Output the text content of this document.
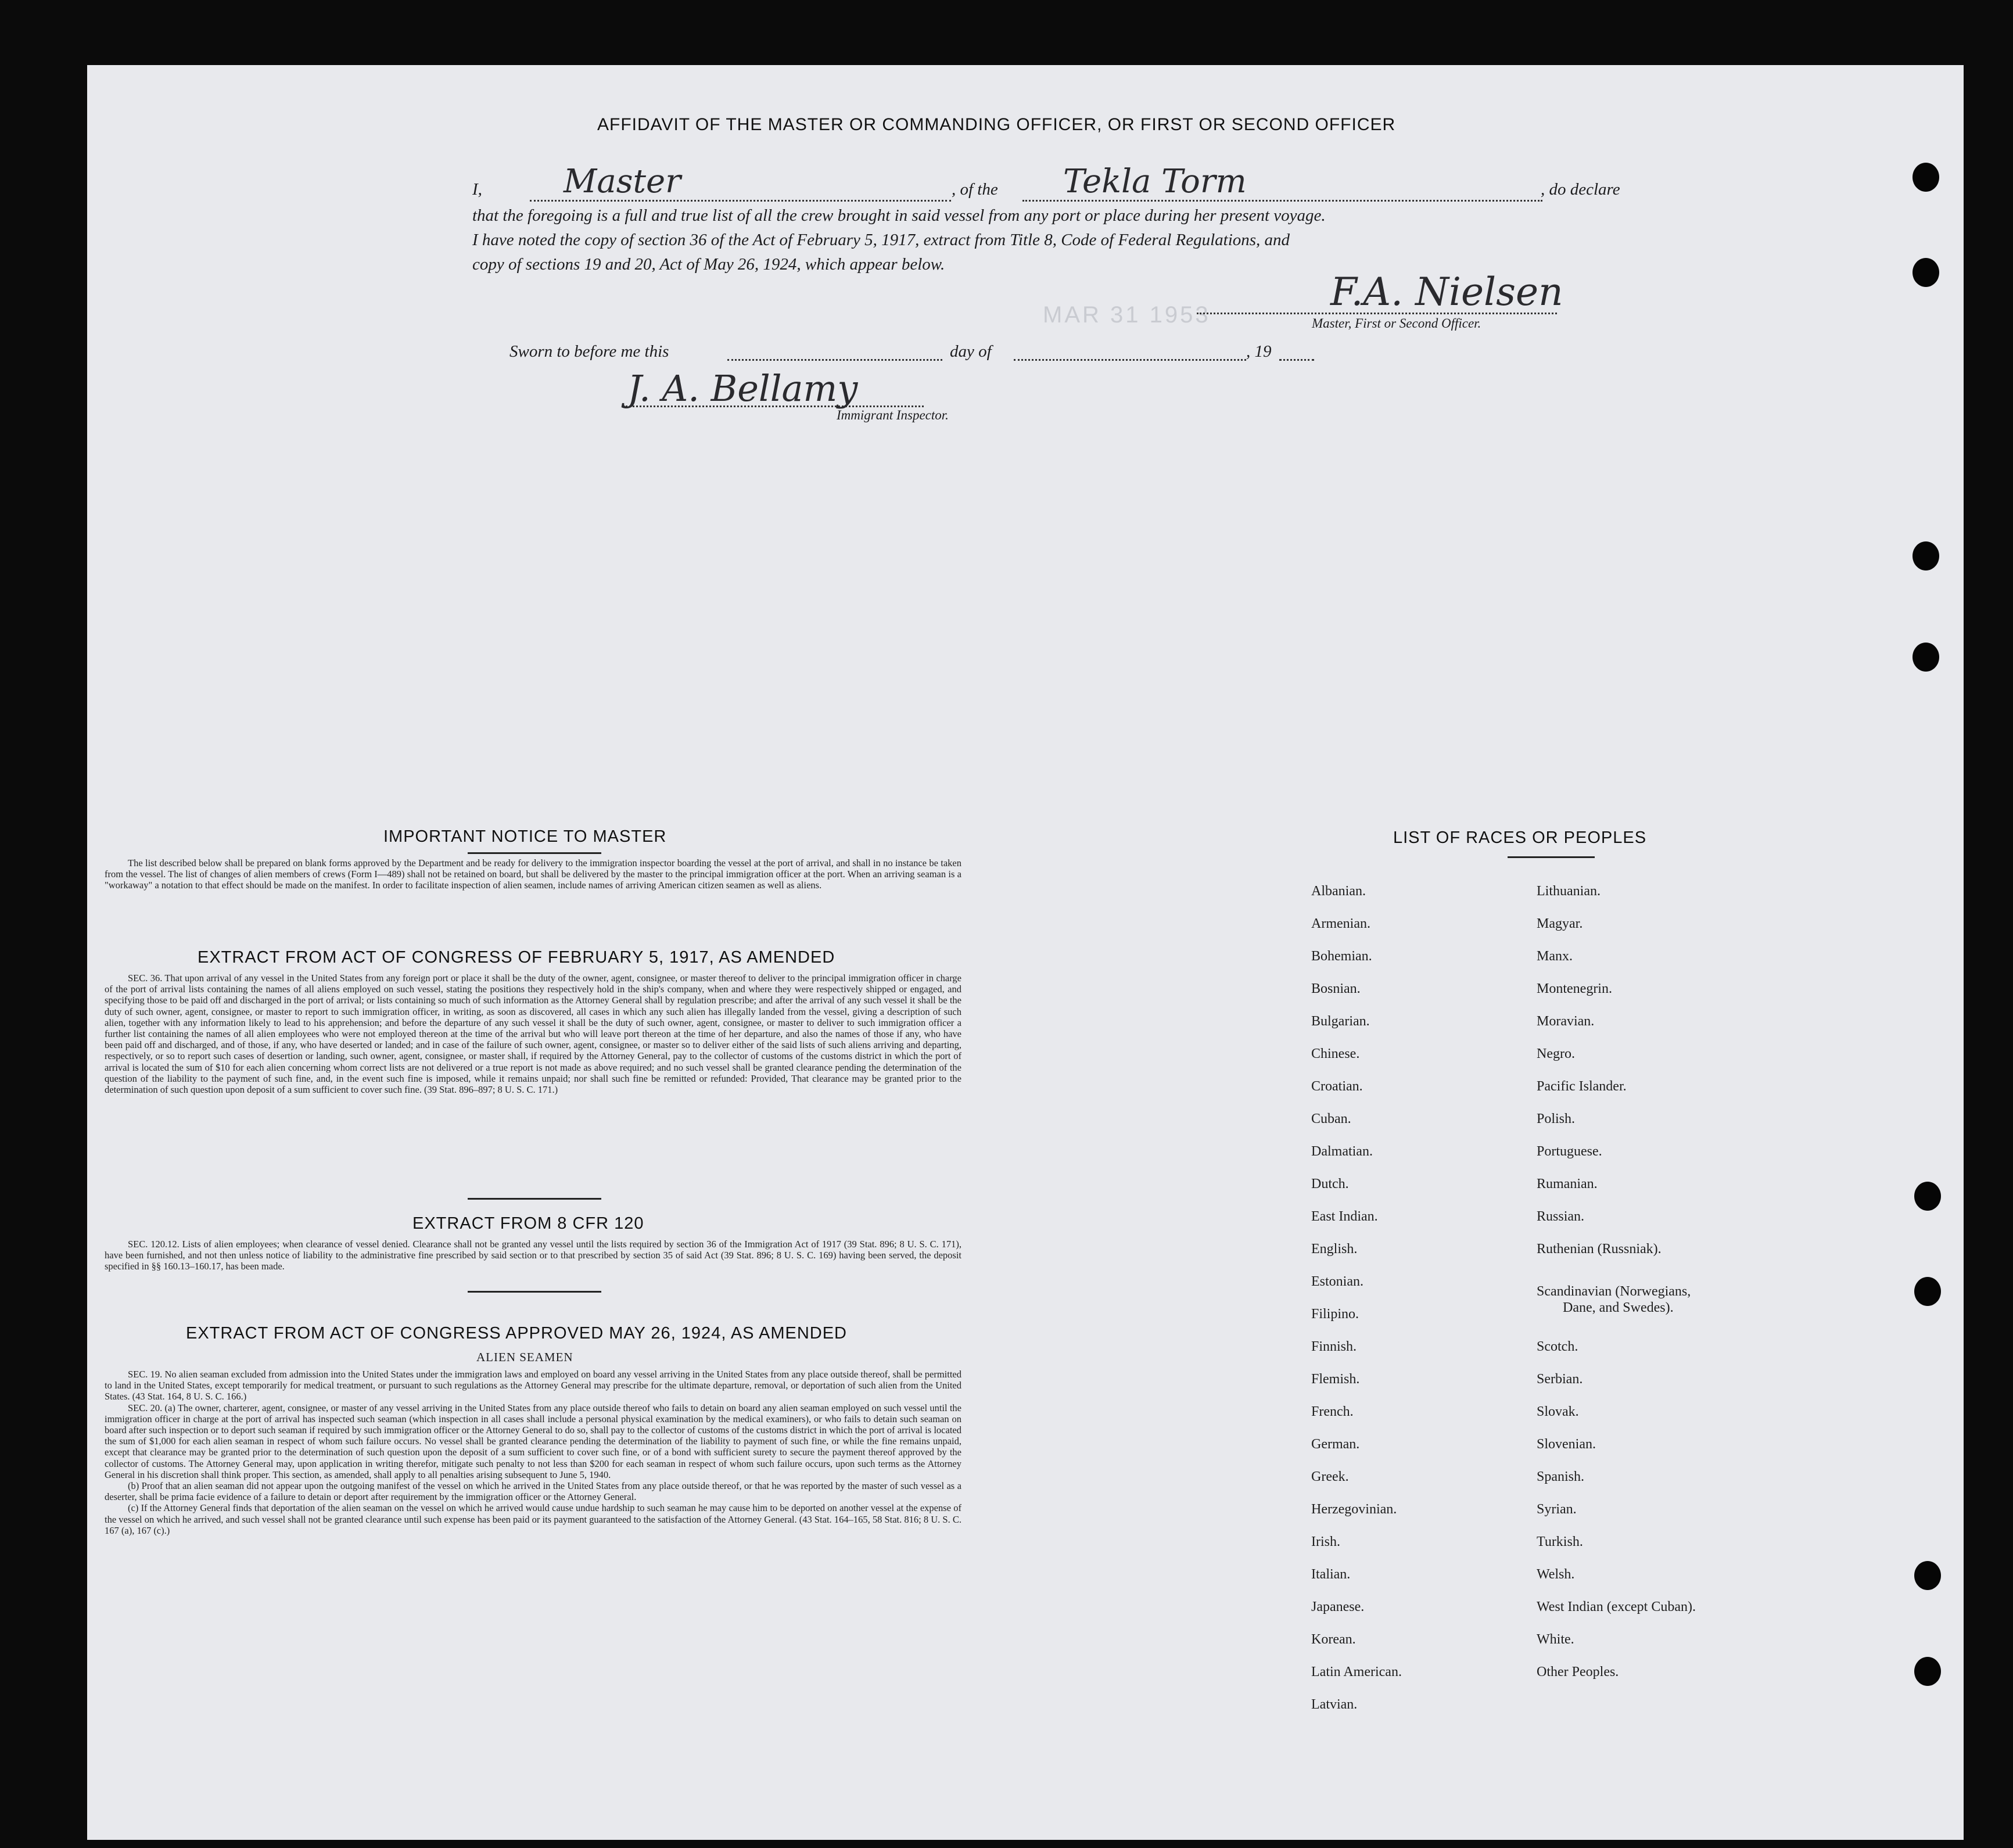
AFFIDAVIT OF THE MASTER OR COMMANDING OFFICER, OR FIRST OR SECOND OFFICER
I,	Master	, of the Tekla Torm	, do declare
that the foregoing is a full and true list of all the crew brought in said vessel from any port or place during her present voyage.
I have noted the copy of section 36 of the Act of February 5, 1917, extract from Title 8, Code of Federal Regulations, and
copy of sections 19 and 20, Act of May 26, 1924, which appear below.
MAR 31 1953
F.A. Nielsen
Master, First or Second Officer.
Sworn to before me this	day of	, 19
J. A. Bellamy
Immigrant Inspector.
IMPORTANT NOTICE TO MASTER

The list described below shall be prepared on blank forms approved by the Department and be ready for delivery to the immigration inspector boarding the vessel at the port of arrival, and shall in no instance be taken from the vessel. The list of changes of alien members of crews (Form I—489) shall not be retained on board, but shall be delivered by the master to the principal immigration officer at the port. When an arriving seaman is a "workaway" a notation to that effect should be made on the manifest. In order to facilitate inspection of alien seamen, include names of arriving American citizen seamen as well as aliens.

EXTRACT FROM ACT OF CONGRESS OF FEBRUARY 5, 1917, AS AMENDED

SEC. 36. That upon arrival of any vessel in the United States from any foreign port or place it shall be the duty of the owner, agent, consignee, or master thereof to deliver to the principal immigration officer in charge of the port of arrival lists containing the names of all aliens employed on such vessel, stating the positions they respectively hold in the ship's company, when and where they were respectively shipped or engaged, and specifying those to be paid off and discharged in the port of arrival; or lists containing so much of such information as the Attorney General shall by regulation prescribe; and after the arrival of any such vessel it shall be the duty of such owner, agent, consignee, or master to report to such immigration officer, in writing, as soon as discovered, all cases in which any such alien has illegally landed from the vessel, giving a description of such alien, together with any information likely to lead to his apprehension; and before the departure of any such vessel it shall be the duty of such owner, agent, consignee, or master to deliver to such immigration officer a further list containing the names of all alien employees who were not employed thereon at the time of the arrival but who will leave port thereon at the time of her departure, and also the names of those if any, who have been paid off and discharged, and of those, if any, who have deserted or landed; and in case of the failure of such owner, agent, consignee, or master so to deliver either of the said lists of such aliens arriving and departing, respectively, or so to report such cases of desertion or landing, such owner, agent, consignee, or master shall, if required by the Attorney General, pay to the collector of customs of the customs district in which the port of arrival is located the sum of $10 for each alien concerning whom correct lists are not delivered or a true report is not made as above required; and no such vessel shall be granted clearance pending the determination of the question of the liability to the payment of such fine, and, in the event such fine is imposed, while it remains unpaid; nor shall such fine be remitted or refunded: Provided, That clearance may be granted prior to the determination of such question upon deposit of a sum sufficient to cover such fine. (39 Stat. 896–897; 8 U. S. C. 171.)

EXTRACT FROM 8 CFR 120

SEC. 120.12. Lists of alien employees; when clearance of vessel denied. Clearance shall not be granted any vessel until the lists required by section 36 of the Immigration Act of 1917 (39 Stat. 896; 8 U. S. C. 171), have been furnished, and not then unless notice of liability to the administrative fine prescribed by said section or to that prescribed by section 35 of said Act (39 Stat. 896; 8 U. S. C. 169) having been served, the deposit specified in §§ 160.13–160.17, has been made.

EXTRACT FROM ACT OF CONGRESS APPROVED MAY 26, 1924, AS AMENDED
ALIEN SEAMEN

SEC. 19. No alien seaman excluded from admission into the United States under the immigration laws and employed on board any vessel arriving in the United States from any place outside thereof, shall be permitted to land in the United States, except temporarily for medical treatment, or pursuant to such regulations as the Attorney General may prescribe for the ultimate departure, removal, or deportation of such alien from the United States. (43 Stat. 164, 8 U. S. C. 166.)

SEC. 20. (a) The owner, charterer, agent, consignee, or master of any vessel arriving in the United States from any place outside thereof who fails to detain on board any alien seaman employed on such vessel until the immigration officer in charge at the port of arrival has inspected such seaman (which inspection in all cases shall include a personal physical examination by the medical examiners), or who fails to detain such seaman on board after such inspection or to deport such seaman if required by such immigration officer or the Attorney General to do so, shall pay to the collector of customs of the customs district in which the port of arrival is located the sum of $1,000 for each alien seaman in respect of whom such failure occurs. No vessel shall be granted clearance pending the determination of the liability to payment of such fine, or while the fine remains unpaid, except that clearance may be granted prior to the determination of such question upon the deposit of a sum sufficient to cover such fine, or of a bond with sufficient surety to secure the payment thereof approved by the collector of customs. The Attorney General may, upon application in writing therefor, mitigate such penalty to not less than $200 for each seaman in respect of whom such failure occurs, upon such terms as the Attorney General in his discretion shall think proper. This section, as amended, shall apply to all penalties arising subsequent to June 5, 1940.

(b) Proof that an alien seaman did not appear upon the outgoing manifest of the vessel on which he arrived in the United States from any place outside thereof, or that he was reported by the master of such vessel as a deserter, shall be prima facie evidence of a failure to detain or deport after requirement by the immigration officer or the Attorney General.

(c) If the Attorney General finds that deportation of the alien seaman on the vessel on which he arrived would cause undue hardship to such seaman he may cause him to be deported on another vessel at the expense of the vessel on which he arrived, and such vessel shall not be granted clearance until such expense has been paid or its payment guaranteed to the satisfaction of the Attorney General. (43 Stat. 164–165, 58 Stat. 816; 8 U. S. C. 167 (a), 167 (c).)

LIST OF RACES OR PEOPLES
Albanian.
Armenian.
Bohemian.
Bosnian.
Bulgarian.
Chinese.
Croatian.
Cuban.
Dalmatian.
Dutch.
East Indian.
English.
Estonian.
Filipino.
Finnish.
Flemish.
French.
German.
Greek.
Herzegovinian.
Irish.
Italian.
Japanese.
Korean.
Latin American.
Latvian.
Lithuanian.
Magyar.
Manx.
Montenegrin.
Moravian.
Negro.
Pacific Islander.
Polish.
Portuguese.
Rumanian.
Russian.
Ruthenian (Russniak).
Scandinavian (Norwegians,
Dane, and Swedes).
Scotch.
Serbian.
Slovak.
Slovenian.
Spanish.
Syrian.
Turkish.
Welsh.
West Indian (except Cuban).
White.
Other Peoples.
